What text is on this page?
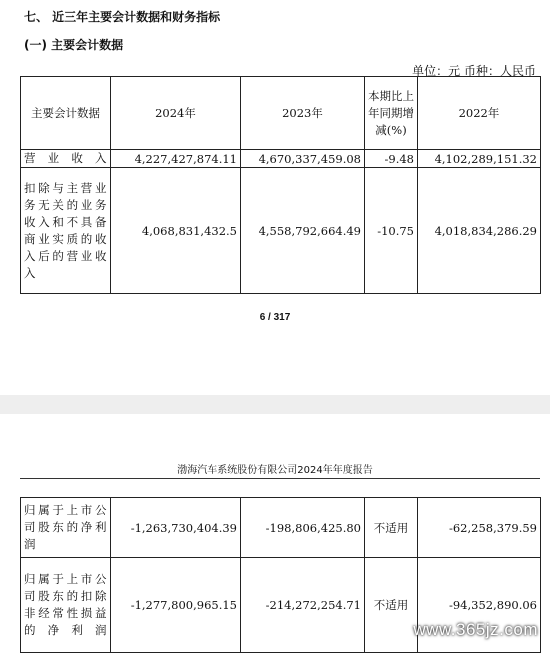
七、 近三年主要会计数据和财务指标
(一) 主要会计数据
单位：元 币种：人民币
主要会计数据	2024年	2023年	本期比上年同期增减(%)	2022年
营业收入	4,227,427,874.11	4,670,337,459.08	-9.48	4,102,289,151.32
扣除与主营业务无关的业务收入和不具备商业实质的收入后的营业收入	4,068,831,432.5	4,558,792,664.49	-10.75	4,018,834,286.29
6 / 317
渤海汽车系统股份有限公司2024年年度报告
归属于上市公司股东的净利润	-1,263,730,404.39	-198,806,425.80	不适用	-62,258,379.59
归属于上市公司股东的扣除非经常性损益的净利润	-1,277,800,965.15	-214,272,254.71	不适用	-94,352,890.06
www.365jz.com
